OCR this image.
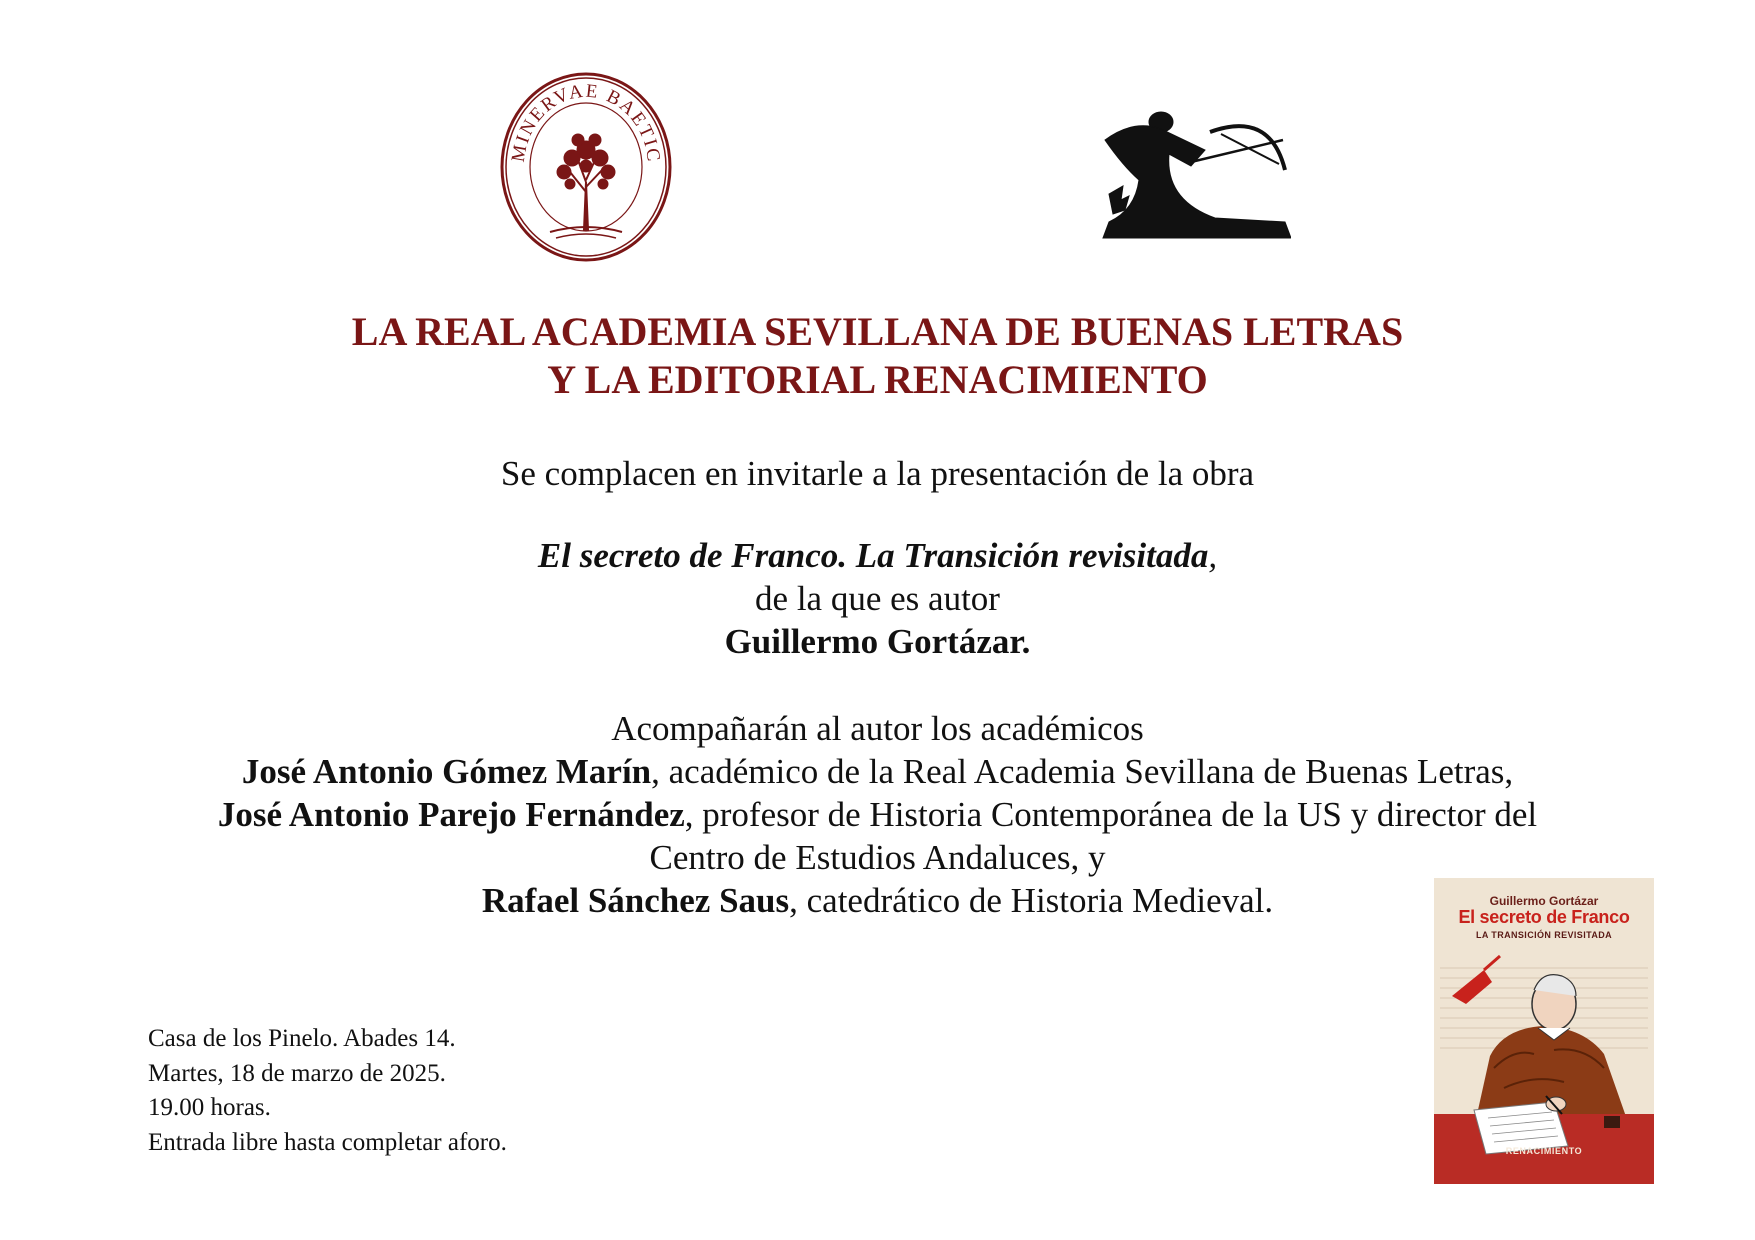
MINERVAE BAETIC
LA REAL ACADEMIA SEVILLANA DE BUENAS LETRAS
Y LA EDITORIAL RENACIMIENTO
Se complacen en invitarle a la presentación de la obra
El secreto de Franco. La Transición revisitada,
de la que es autor
Guillermo Gortázar.
Acompañarán al autor los académicos
José Antonio Gómez Marín, académico de la Real Academia Sevillana de Buenas Letras,
José Antonio Parejo Fernández, profesor de Historia Contemporánea de la US y director del
Centro de Estudios Andaluces, y
Rafael Sánchez Saus, catedrático de Historia Medieval.
Casa de los Pinelo. Abades 14.
Martes, 18 de marzo de 2025.
19.00 horas.
Entrada libre hasta completar aforo.
Guillermo Gortázar
El secreto de Franco
LA TRANSICIÓN REVISITADA
RENACIMIENTO
